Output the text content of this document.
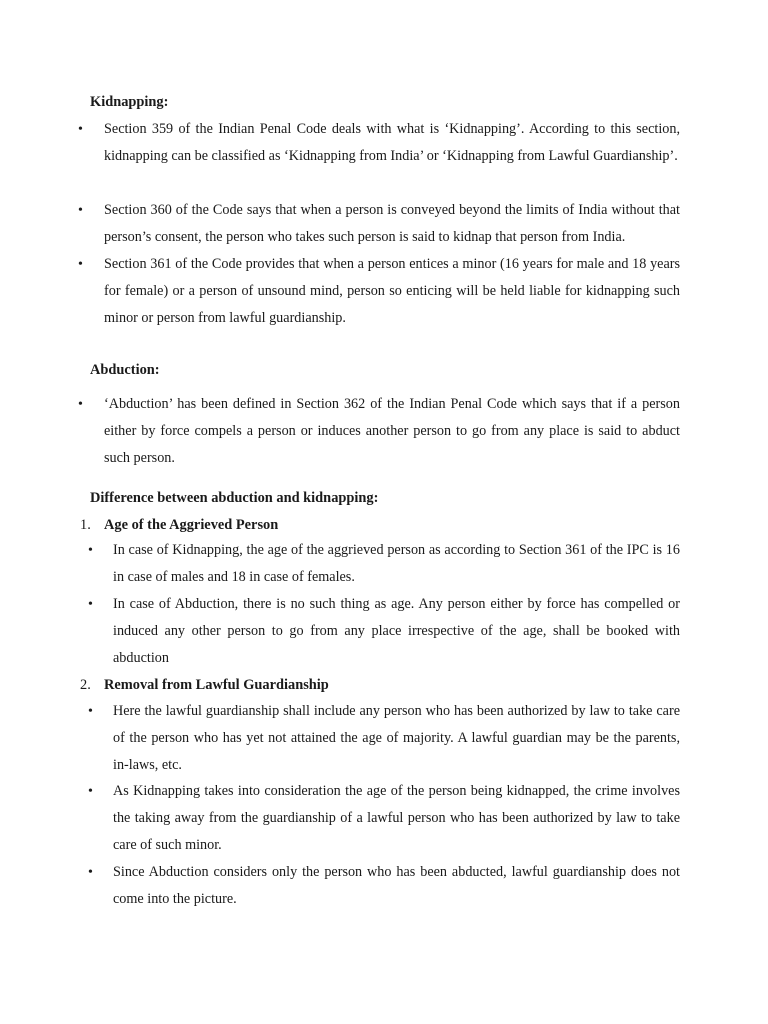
Kidnapping:
• Section 359 of the Indian Penal Code deals with what is ‘Kidnapping’. According to this section, kidnapping can be classified as ‘Kidnapping from India’ or ‘Kidnapping from Lawful Guardianship’.
• Section 360 of the Code says that when a person is conveyed beyond the limits of India without that person’s consent, the person who takes such person is said to kidnap that person from India.
• Section 361 of the Code provides that when a person entices a minor (16 years for male and 18 years for female) or a person of unsound mind, person so enticing will be held liable for kidnapping such minor or person from lawful guardianship.
Abduction:
• ‘Abduction’ has been defined in Section 362 of the Indian Penal Code which says that if a person either by force compels a person or induces another person to go from any place is said to abduct such person.
Difference between abduction and kidnapping:
1. Age of the Aggrieved Person
• In case of Kidnapping, the age of the aggrieved person as according to Section 361 of the IPC is 16 in case of males and 18 in case of females.
• In case of Abduction, there is no such thing as age. Any person either by force has compelled or induced any other person to go from any place irrespective of the age, shall be booked with abduction
2. Removal from Lawful Guardianship
• Here the lawful guardianship shall include any person who has been authorized by law to take care of the person who has yet not attained the age of majority. A lawful guardian may be the parents, in-laws, etc.
• As Kidnapping takes into consideration the age of the person being kidnapped, the crime involves the taking away from the guardianship of a lawful person who has been authorized by law to take care of such minor.
• Since Abduction considers only the person who has been abducted, lawful guardianship does not come into the picture.
